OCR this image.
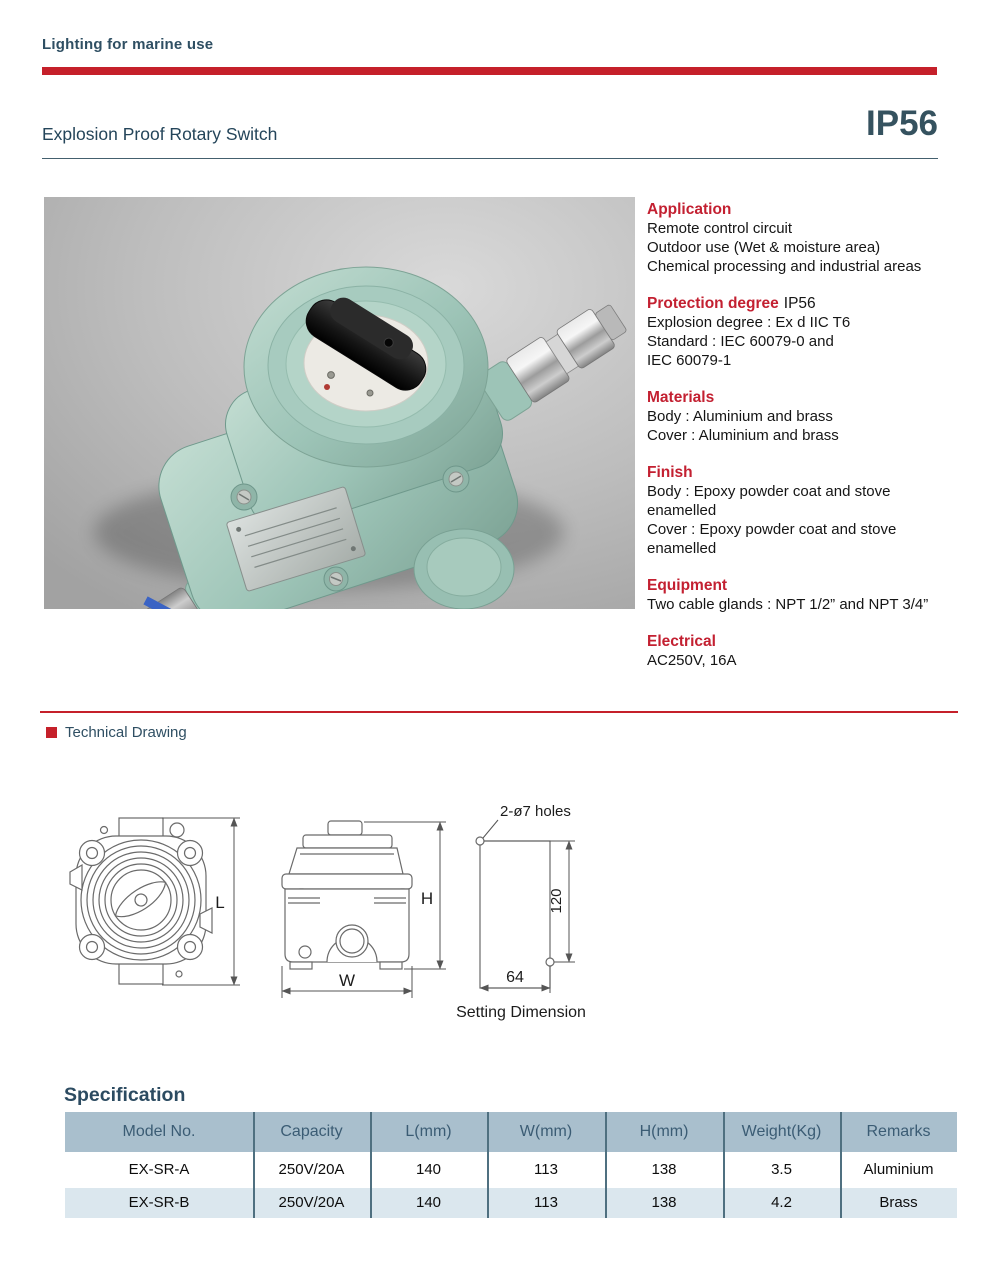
Lighting for marine use
Explosion Proof Rotary Switch	IP56
Application
Remote control circuit
Outdoor use (Wet & moisture area)
Chemical processing and industrial areas
Protection degree IP56
Explosion degree : Ex d IIC T6
Standard : IEC 60079-0 and
IEC 60079-1
Materials
Body : Aluminium and brass
Cover : Aluminium and brass
Finish
Body : Epoxy powder coat and stove
enamelled
Cover : Epoxy powder coat and stove
enamelled
Equipment
Two cable glands : NPT 1/2” and NPT 3/4”
Electrical
AC250V, 16A
Technical Drawing
L	H
W
2-ø7 holes
120
64
Setting Dimension
Specification
Model No.	Capacity	L(mm)	W(mm)	H(mm)	Weight(Kg)	Remarks
EX-SR-A	250V/20A	140	113	138	3.5	Aluminium
EX-SR-B	250V/20A	140	113	138	4.2	Brass
